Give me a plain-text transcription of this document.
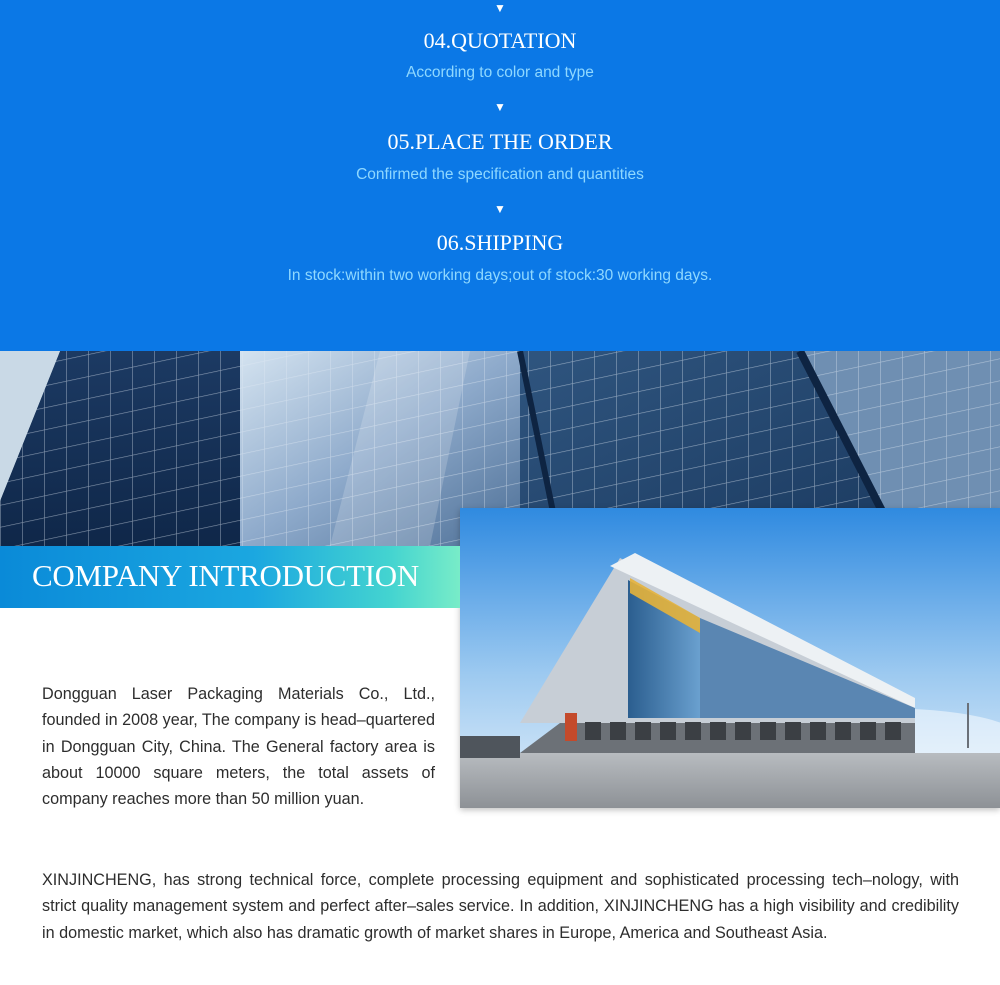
▼
04.QUOTATION
According to color and type
▼
05.PLACE THE ORDER
Confirmed the specification and quantities
▼
06.SHIPPING
In stock:within two working days;out of stock:30 working days.
COMPANY INTRODUCTION

Dongguan Laser Packaging Materials Co., Ltd., founded in 2008 year, The company is head–quartered in Dongguan City, China. The General factory area is about 10000 square meters, the total assets of company reaches more than 50 million yuan.

XINJINCHENG, has strong technical force, complete processing equipment and sophisticated processing tech–nology, with strict quality management system and perfect after–sales service. In addition, XINJINCHENG has a high visibility and credibility in domestic market, which also has dramatic growth of market shares in Europe, America and Southeast Asia.
